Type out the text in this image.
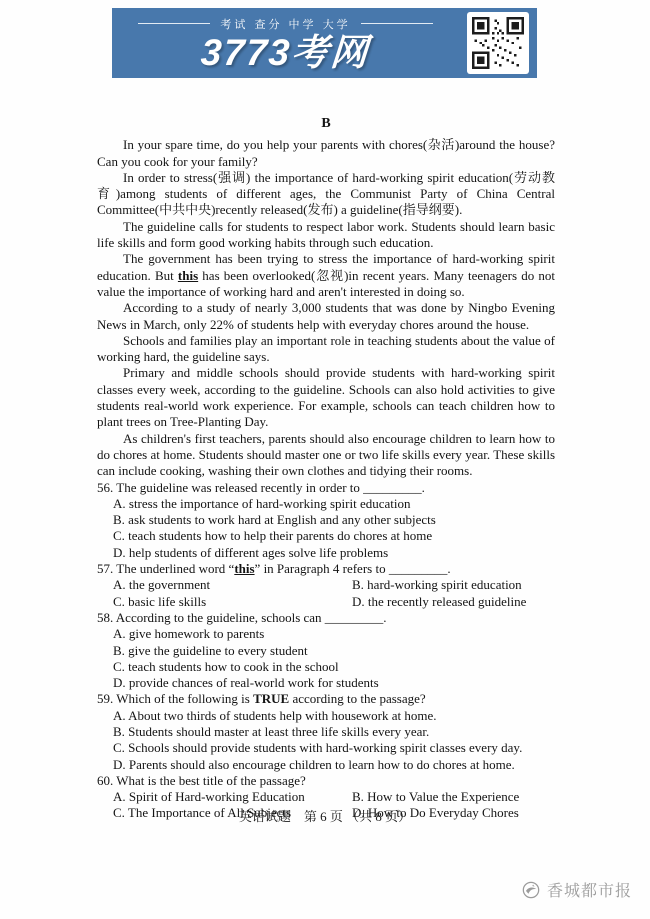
考试 查分 中学 大学
3773考网
B

In your spare time, do you help your parents with chores(杂活)around the house? Can you cook for your family?

In order to stress(强调) the importance of hard-working spirit education(劳动教育)among students of different ages, the Communist Party of China Central Committee(中共中央)recently released(发布) a guideline(指导纲要).

The guideline calls for students to respect labor work. Students should learn basic life skills and form good working habits through such education.

The government has been trying to stress the importance of hard-working spirit education. But this has been overlooked(忽视)in recent years. Many teenagers do not value the importance of working hard and aren't interested in doing so.

According to a study of nearly 3,000 students that was done by Ningbo Evening News in March, only 22% of students help with everyday chores around the house.

Schools and families play an important role in teaching students about the value of working hard, the guideline says.

Primary and middle schools should provide students with hard-working spirit classes every week, according to the guideline. Schools can also hold activities to give students real-world work experience. For example, schools can teach children how to plant trees on Tree-Planting Day.

As children's first teachers, parents should also encourage children to learn how to do chores at home. Students should master one or two life skills every year. These skills can include cooking, washing their own clothes and tidying their rooms.

56. The guideline was released recently in order to _________.

A. stress the importance of hard-working spirit education

B. ask students to work hard at English and any other subjects

C. teach students how to help their parents do chores at home

D. help students of different ages solve life problems

57. The underlined word “this” in Paragraph 4 refers to _________.

A. the government	B. hard-working spirit education
C. basic life skills	D. the recently released guideline

58. According to the guideline, schools can _________.

A. give homework to parents

B. give the guideline to every student

C. teach students how to cook in the school

D. provide chances of real-world work for students

59. Which of the following is TRUE according to the passage?

A. About two thirds of students help with housework at home.

B. Students should master at least three life skills every year.

C. Schools should provide students with hard-working spirit classes every day.

D. Parents should also encourage children to learn how to do chores at home.

60. What is the best title of the passage?

A. Spirit of Hard-working Education	B. How to Value the Experience
C. The Importance of All Subjects	D. How to Do Everyday Chores
英语试题　第 6 页 （共 8 页）
香城都市报
